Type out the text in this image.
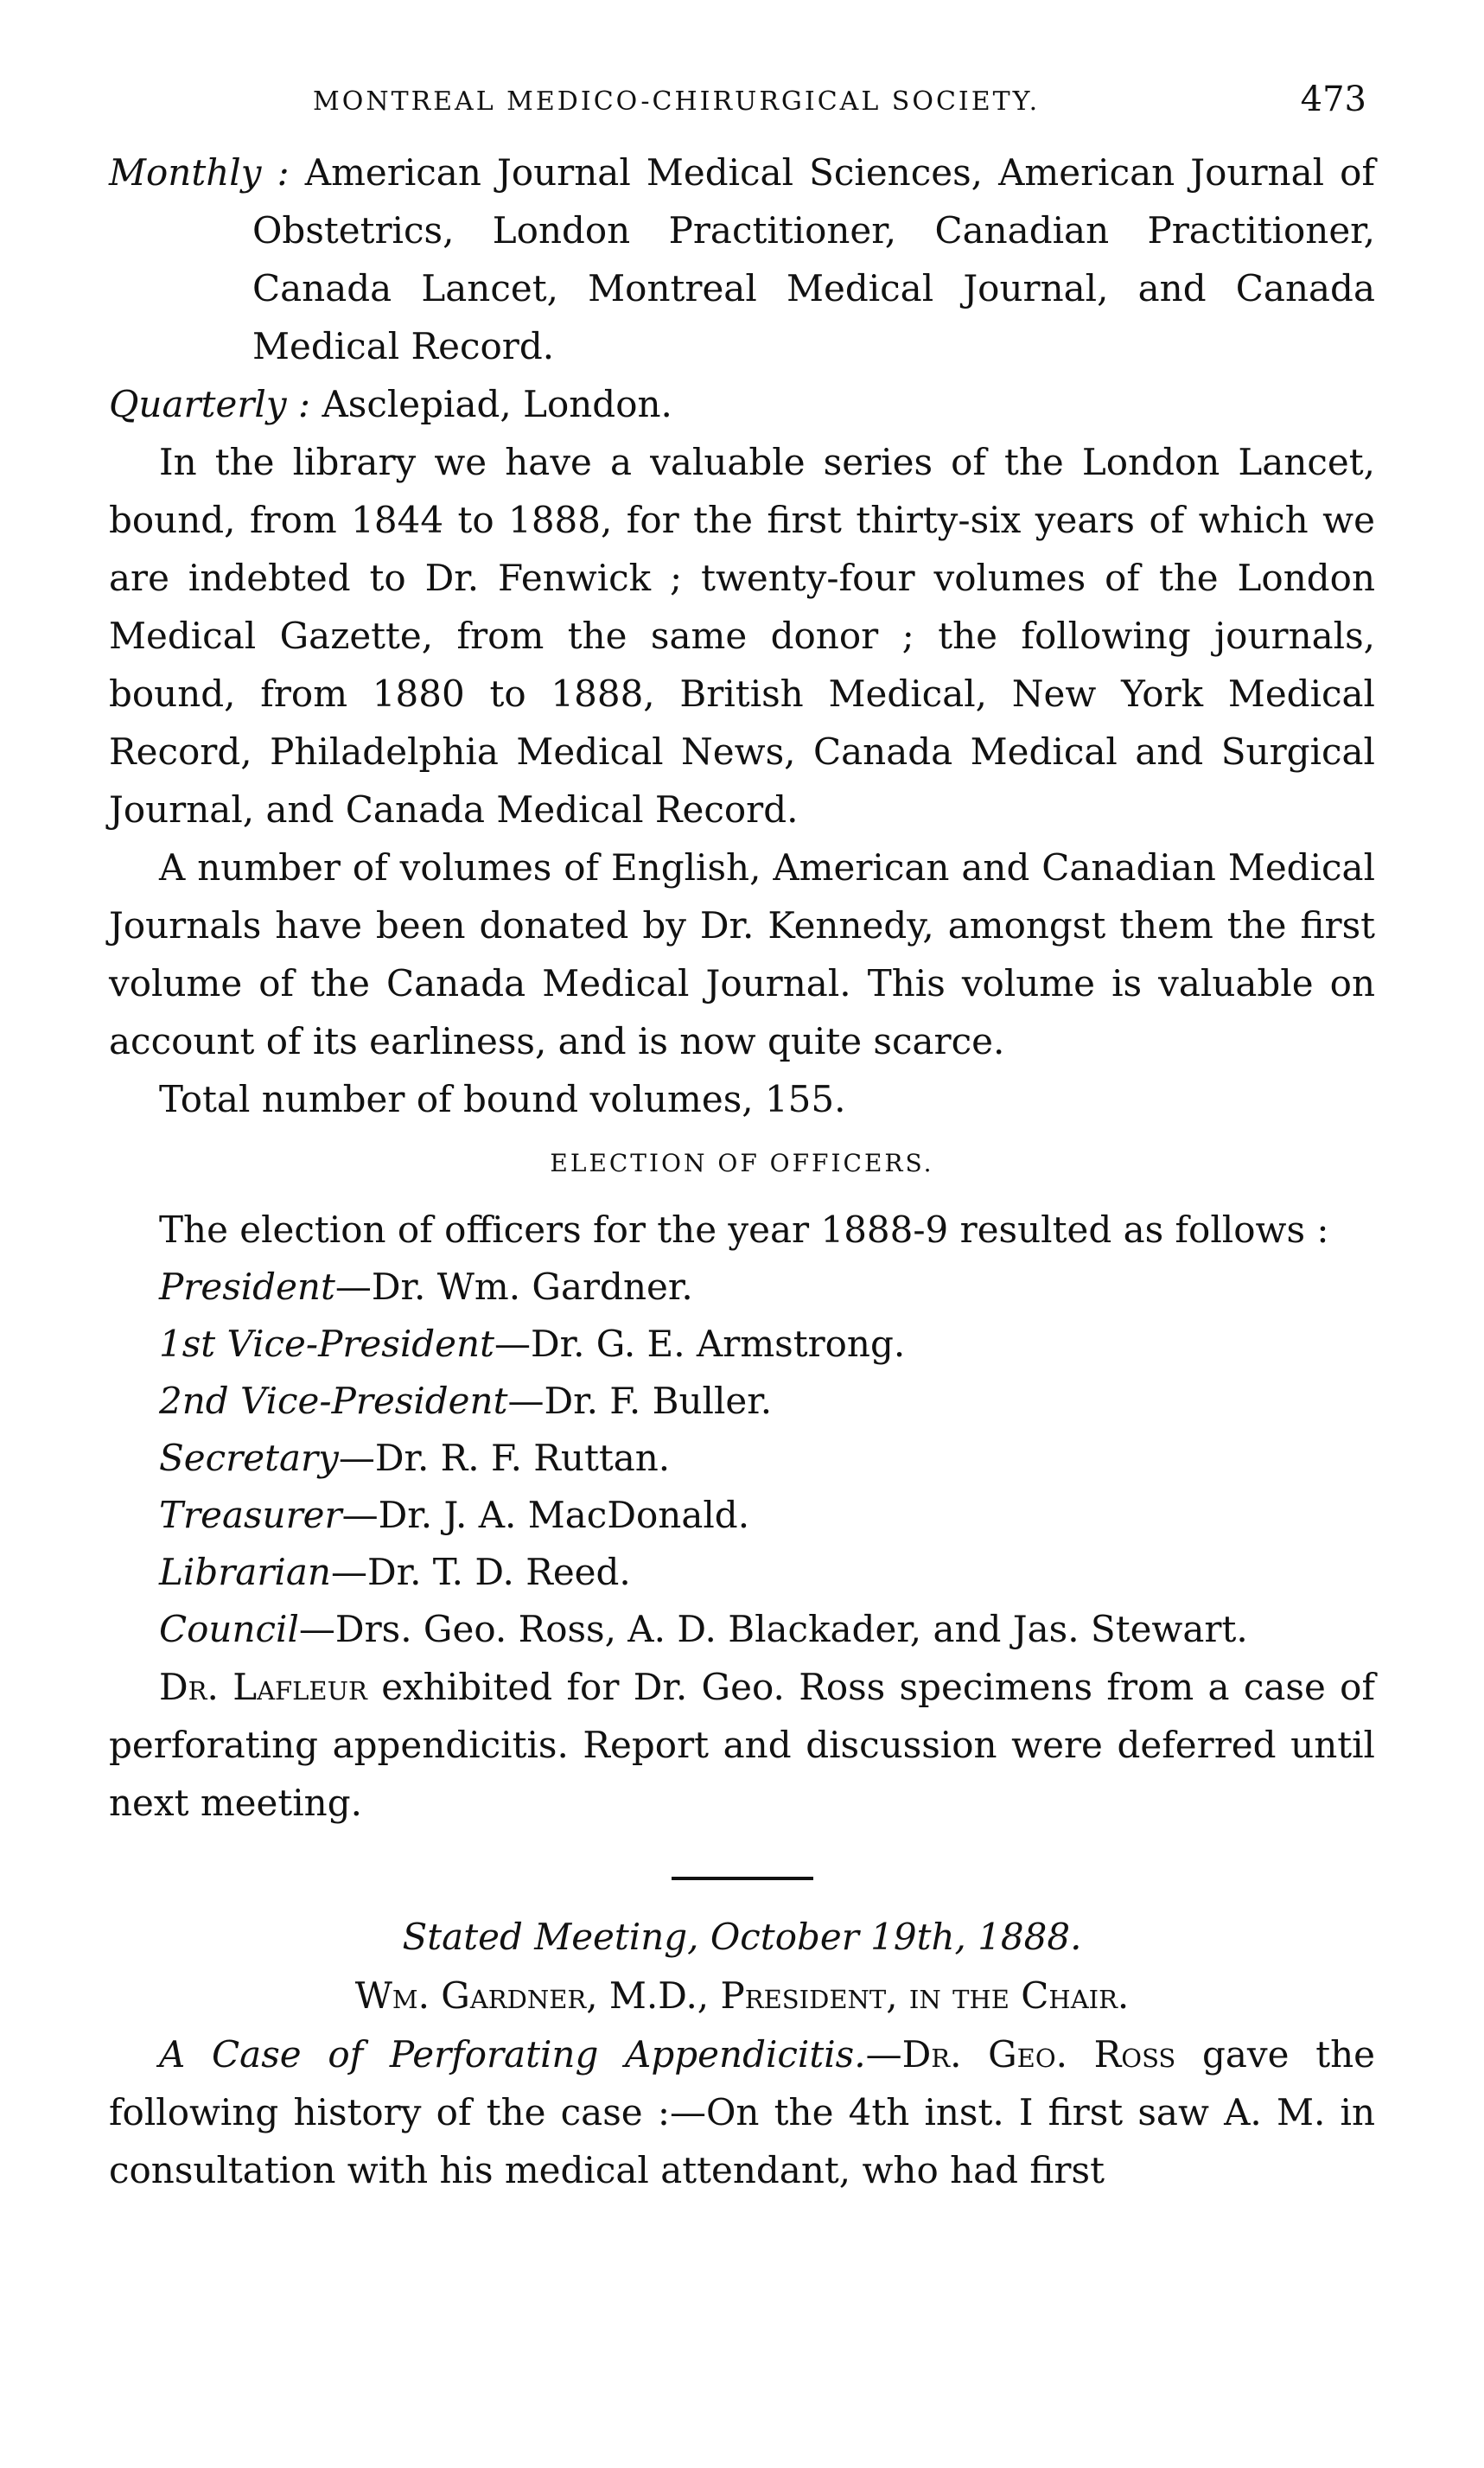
MONTREAL MEDICO-CHIRURGICAL SOCIETY.	473

Monthly : American Journal Medical Sciences, American Journal of Obstetrics, London Practitioner, Canadian Practitioner, Canada Lancet, Montreal Medical Journal, and Canada Medical Record.

Quarterly : Asclepiad, London.

In the library we have a valuable series of the London Lancet, bound, from 1844 to 1888, for the first thirty-six years of which we are indebted to Dr. Fenwick ; twenty-four volumes of the London Medical Gazette, from the same donor ; the following journals, bound, from 1880 to 1888, British Medical, New York Medical Record, Philadelphia Medical News, Canada Medical and Surgical Journal, and Canada Medical Record.

A number of volumes of English, American and Canadian Medical Journals have been donated by Dr. Kennedy, amongst them the first volume of the Canada Medical Journal. This volume is valuable on account of its earliness, and is now quite scarce.

Total number of bound volumes, 155.

ELECTION OF OFFICERS.

The election of officers for the year 1888-9 resulted as follows :

President—Dr. Wm. Gardner.

1st Vice-President—Dr. G. E. Armstrong.

2nd Vice-President—Dr. F. Buller.

Secretary—Dr. R. F. Ruttan.

Treasurer—Dr. J. A. MacDonald.

Librarian—Dr. T. D. Reed.

Council—Drs. Geo. Ross, A. D. Blackader, and Jas. Stewart.

Dr. Lafleur exhibited for Dr. Geo. Ross specimens from a case of perforating appendicitis. Report and discussion were deferred until next meeting.

Stated Meeting, October 19th, 1888.

Wm. Gardner, M.D., President, in the Chair.

A Case of Perforating Appendicitis.—Dr. Geo. Ross gave the following history of the case :—On the 4th inst. I first saw A. M. in consultation with his medical attendant, who had first
